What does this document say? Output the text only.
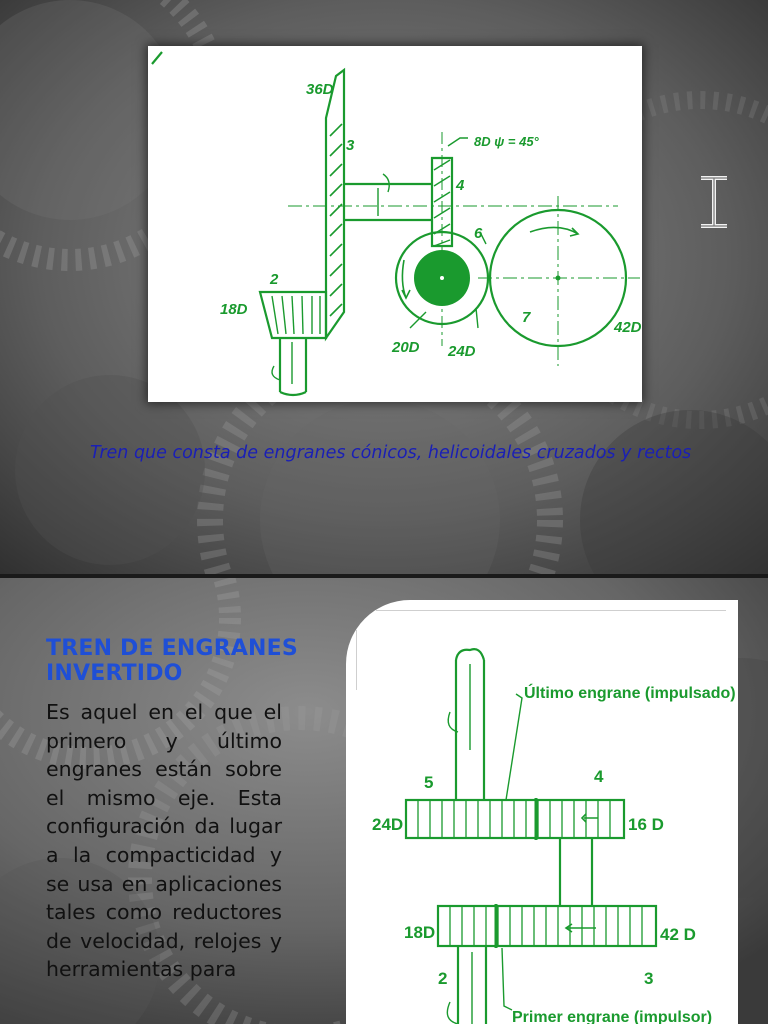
36D
3	8D ψ = 45°
4
6
2
18D
20D 24D
7
42D
Tren que consta de engranes cónicos, helicoidales cruzados y rectos
TREN DE ENGRANES
INVERTIDO
Es aquel en el que el primero y último engranes están sobre el mismo eje. Esta configuración da lugar a la compacticidad y se usa en aplicaciones tales como reductores de velocidad, relojes y herramientas para
Último engrane (impulsado)
5	4
24D	16 D
18D	42 D
2	3
Primer engrane (impulsor)
